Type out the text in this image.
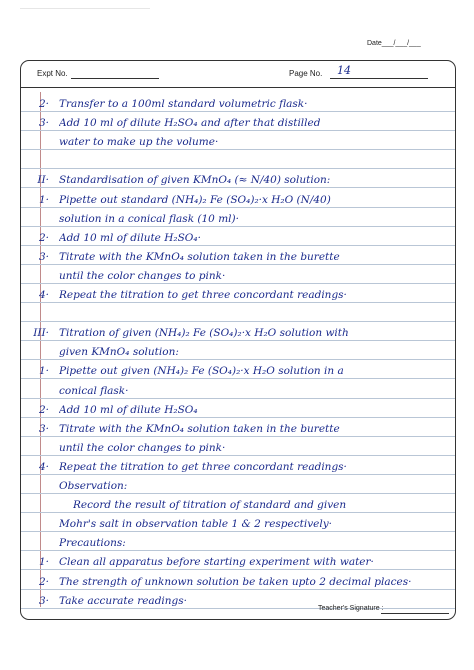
Date___/___/___
Expt No.	Page No. 14
2· Transfer to a 100ml standard volumetric flask·
3· Add 10 ml of dilute H₂SO₄ and after that distilled
water to make up the volume·
II· Standardisation of given KMnO₄ (≈ N/40) solution:
1· Pipette out standard (NH₄)₂ Fe (SO₄)₂·x H₂O (N/40)
solution in a conical flask (10 ml)·
2· Add 10 ml of dilute H₂SO₄·
3· Titrate with the KMnO₄ solution taken in the burette
until the color changes to pink·
4· Repeat the titration to get three concordant readings·
III· Titration of given (NH₄)₂ Fe (SO₄)₂·x H₂O solution with
given KMnO₄ solution:
1· Pipette out given (NH₄)₂ Fe (SO₄)₂·x H₂O solution in a
conical flask·
2· Add 10 ml of dilute H₂SO₄
3· Titrate with the KMnO₄ solution taken in the burette
until the color changes to pink·
4· Repeat the titration to get three concordant readings·
Observation:
Record the result of titration of standard and given
Mohr's salt in observation table 1 & 2 respectively·
Precautions:
1· Clean all apparatus before starting experiment with water·
2· The strength of unknown solution be taken upto 2 decimal places·
3· Take accurate readings·
Teacher's Signature :
